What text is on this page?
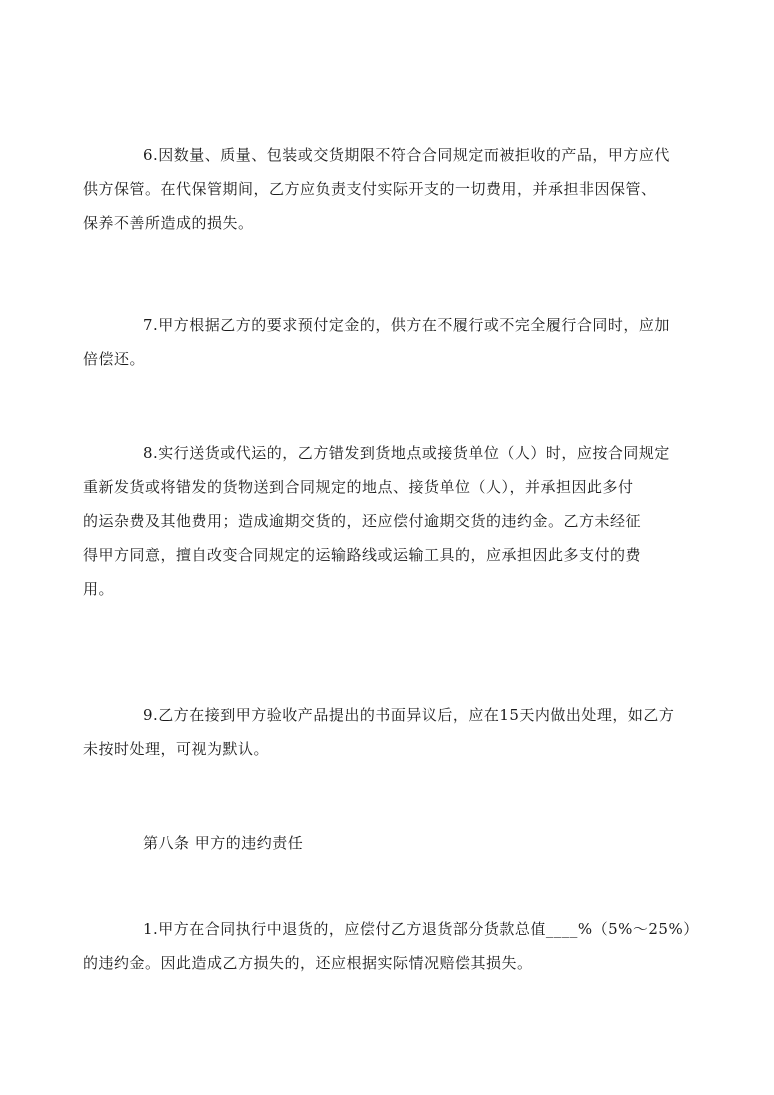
6.因数量、质量、包装或交货期限不符合合同规定而被拒收的产品，甲方应代
供方保管。在代保管期间，乙方应负责支付实际开支的一切费用，并承担非因保管、
保养不善所造成的损失。
7.甲方根据乙方的要求预付定金的，供方在不履行或不完全履行合同时，应加
倍偿还。
8.实行送货或代运的，乙方错发到货地点或接货单位（人）时，应按合同规定
重新发货或将错发的货物送到合同规定的地点、接货单位（人），并承担因此多付
的运杂费及其他费用；造成逾期交货的，还应偿付逾期交货的违约金。乙方未经征
得甲方同意，擅自改变合同规定的运输路线或运输工具的，应承担因此多支付的费
用。
9.乙方在接到甲方验收产品提出的书面异议后，应在15天内做出处理，如乙方
未按时处理，可视为默认。
第八条 甲方的违约责任
1.甲方在合同执行中退货的，应偿付乙方退货部分货款总值____%（5%～25%）
的违约金。因此造成乙方损失的，还应根据实际情况赔偿其损失。
